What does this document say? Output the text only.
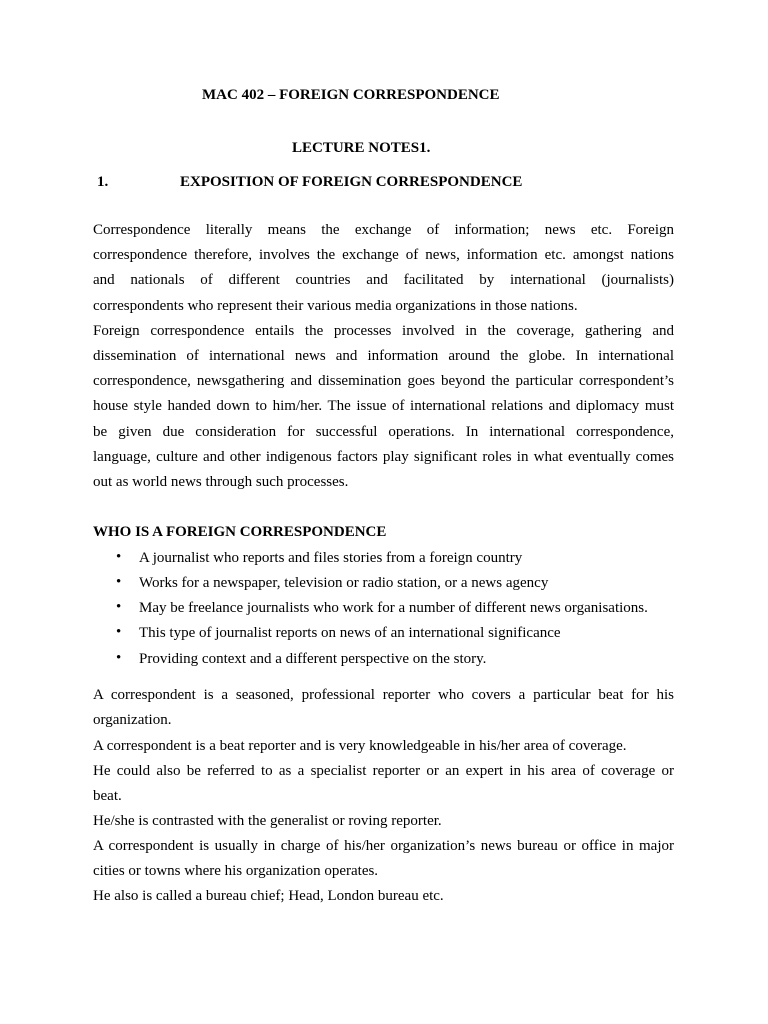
MAC 402 – FOREIGN CORRESPONDENCE
LECTURE NOTES1.
1.	EXPOSITION OF FOREIGN CORRESPONDENCE
Correspondence literally means the exchange of information; news etc. Foreign
correspondence therefore, involves the exchange of news, information etc. amongst nations
and nationals of different countries and facilitated by international (journalists)
correspondents who represent their various media organizations in those nations.
Foreign correspondence entails the processes involved in the coverage, gathering and
dissemination of international news and information around the globe. In international
correspondence, newsgathering and dissemination goes beyond the particular correspondent’s
house style handed down to him/her. The issue of international relations and diplomacy must
be given due consideration for successful operations. In international correspondence,
language, culture and other indigenous factors play significant roles in what eventually comes
out as world news through such processes.
WHO IS A FOREIGN CORRESPONDENCE
• A journalist who reports and files stories from a foreign country
• Works for a newspaper, television or radio station, or a news agency
• May be freelance journalists who work for a number of different news organisations.
• This type of journalist reports on news of an international significance
• Providing context and a different perspective on the story.
A correspondent is a seasoned, professional reporter who covers a particular beat for his
organization.
A correspondent is a beat reporter and is very knowledgeable in his/her area of coverage.
He could also be referred to as a specialist reporter or an expert in his area of coverage or
beat.
He/she is contrasted with the generalist or roving reporter.
A correspondent is usually in charge of his/her organization’s news bureau or office in major
cities or towns where his organization operates.
He also is called a bureau chief; Head, London bureau etc.
